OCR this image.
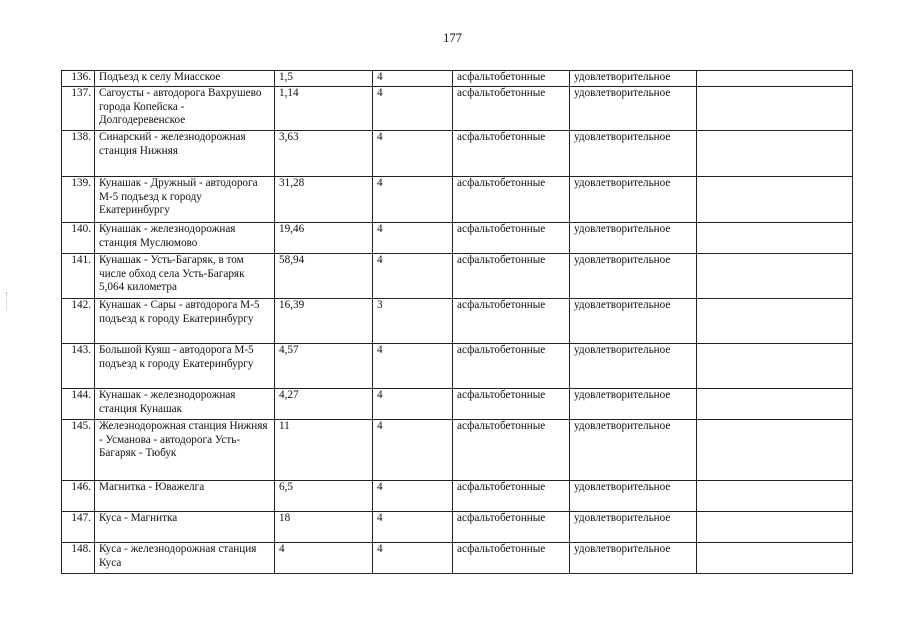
177
136.	Подъезд к селу Миасское	1,5	4	асфальтобетонные	удовлетворительное	
137.	Сагоусты - автодорога Вахрушево города Копейска - Долгодеревенское	1,14	4	асфальтобетонные	удовлетворительное	
138.	Синарский - железнодорожная станция Нижняя	3,63	4	асфальтобетонные	удовлетворительное	
139.	Кунашак - Дружный - автодорога М-5 подъезд к городу Екатеринбургу	31,28	4	асфальтобетонные	удовлетворительное	
140.	Кунашак - железнодорожная станция Муслюмово	19,46	4	асфальтобетонные	удовлетворительное	
141.	Кунашак - Усть-Багаряк, в том числе обход села Усть-Багаряк 5,064 километра	58,94	4	асфальтобетонные	удовлетворительное	
142.	Кунашак - Сары - автодорога М-5 подъезд к городу Екатеринбургу	16,39	3	асфальтобетонные	удовлетворительное	
143.	Большой Куяш - автодорога М-5 подъезд к городу Екатеринбургу	4,57	4	асфальтобетонные	удовлетворительное	
144.	Кунашак - железнодорожная станция Кунашак	4,27	4	асфальтобетонные	удовлетворительное	
145.	Железнодорожная станция Нижняя - Усманова - автодорога Усть-Багаряк - Тюбук	11	4	асфальтобетонные	удовлетворительное	
146.	Магнитка - Юважелга	6,5	4	асфальтобетонные	удовлетворительное	
147.	Куса - Магнитка	18	4	асфальтобетонные	удовлетворительное	
148.	Куса - железнодорожная станция Куса	4	4	асфальтобетонные	удовлетворительное	
